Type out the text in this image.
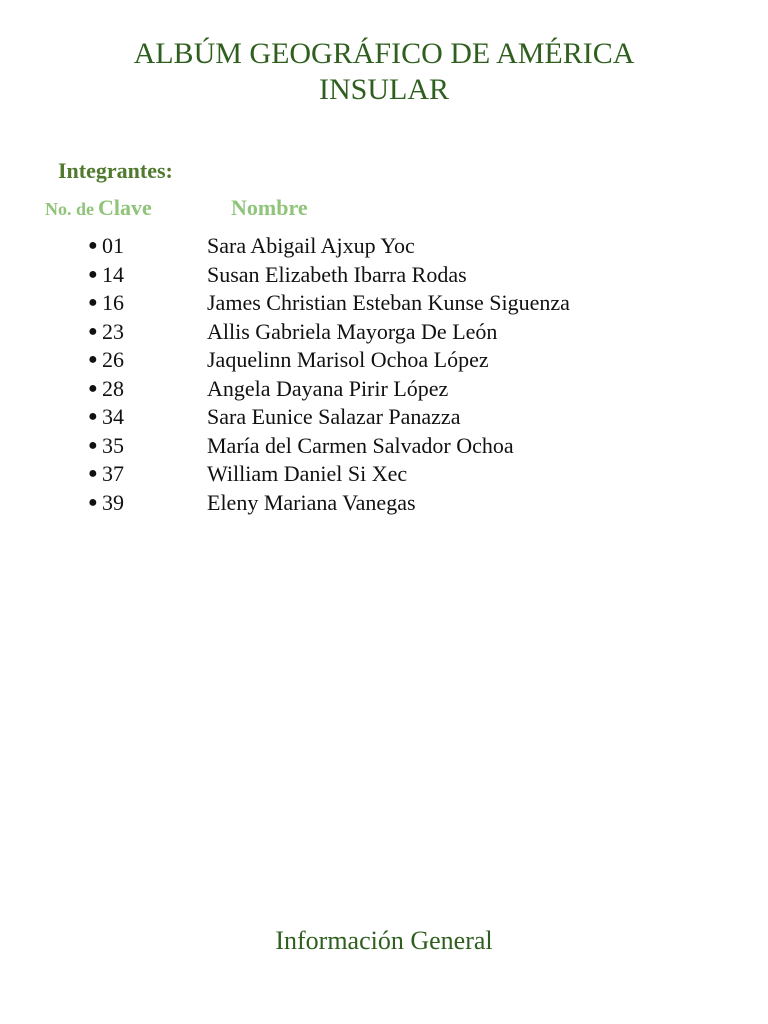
ALBÚM GEOGRÁFICO DE AMÉRICA
INSULAR
Integrantes:
No. de Clave	Nombre
● 01	Sara Abigail Ajxup Yoc
● 14	Susan Elizabeth Ibarra Rodas
● 16	James Christian Esteban Kunse Siguenza
● 23	Allis Gabriela Mayorga De León
● 26	Jaquelinn Marisol Ochoa López
● 28	Angela Dayana Pirir López
● 34	Sara Eunice Salazar Panazza
● 35	María del Carmen Salvador Ochoa
● 37	William Daniel Si Xec
● 39	Eleny Mariana Vanegas
Información General
